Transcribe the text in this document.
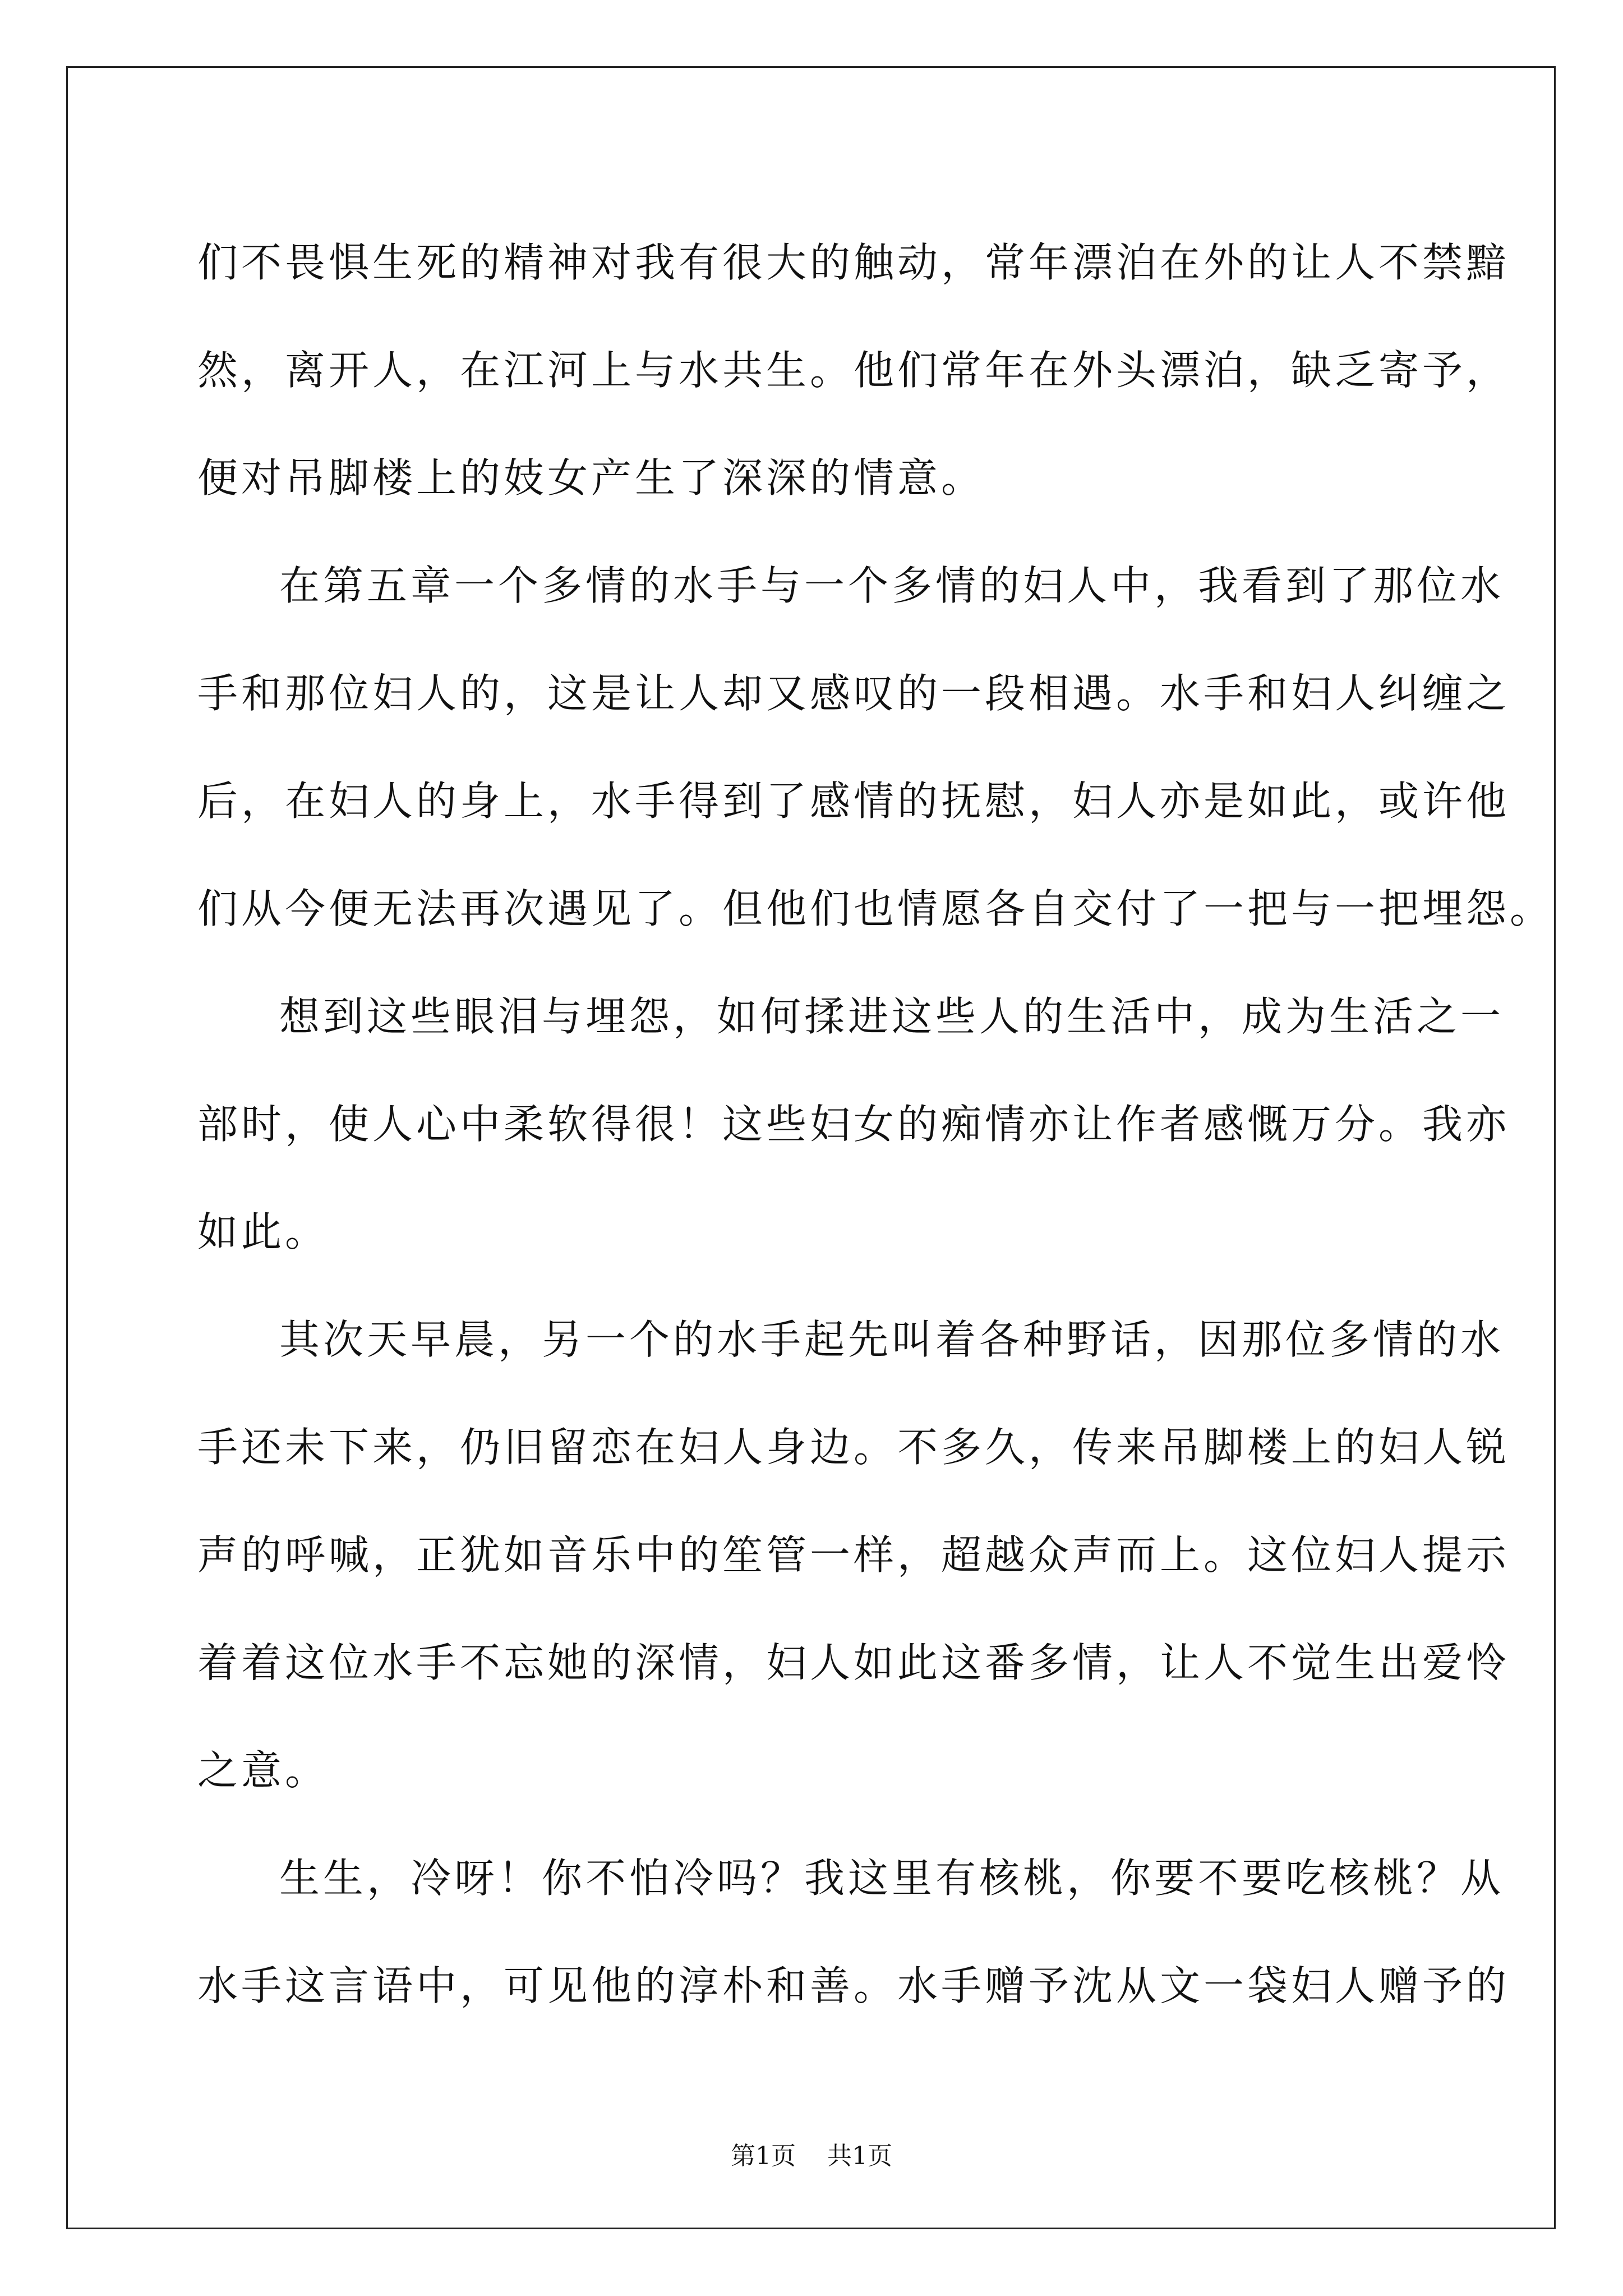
们不畏惧生死的精神对我有很大的触动，常年漂泊在外的让人不禁黯
然，离开人，在江河上与水共生。他们常年在外头漂泊，缺乏寄予，
便对吊脚楼上的妓女产生了深深的情意。

在第五章一个多情的水手与一个多情的妇人中，我看到了那位水
手和那位妇人的，这是让人却又感叹的一段相遇。水手和妇人纠缠之
后，在妇人的身上，水手得到了感情的抚慰，妇人亦是如此，或许他
们从今便无法再次遇见了。但他们也情愿各自交付了一把与一把埋怨。

想到这些眼泪与埋怨，如何揉进这些人的生活中，成为生活之一
部时，使人心中柔软得很！这些妇女的痴情亦让作者感慨万分。我亦
如此。

其次天早晨，另一个的水手起先叫着各种野话，因那位多情的水
手还未下来，仍旧留恋在妇人身边。不多久，传来吊脚楼上的妇人锐
声的呼喊，正犹如音乐中的笙管一样，超越众声而上。这位妇人提示
着着这位水手不忘她的深情，妇人如此这番多情，让人不觉生出爱怜
之意。

生生，冷呀！你不怕冷吗？我这里有核桃，你要不要吃核桃？从
水手这言语中，可见他的淳朴和善。水手赠予沈从文一袋妇人赠予的

第1页 共1页
